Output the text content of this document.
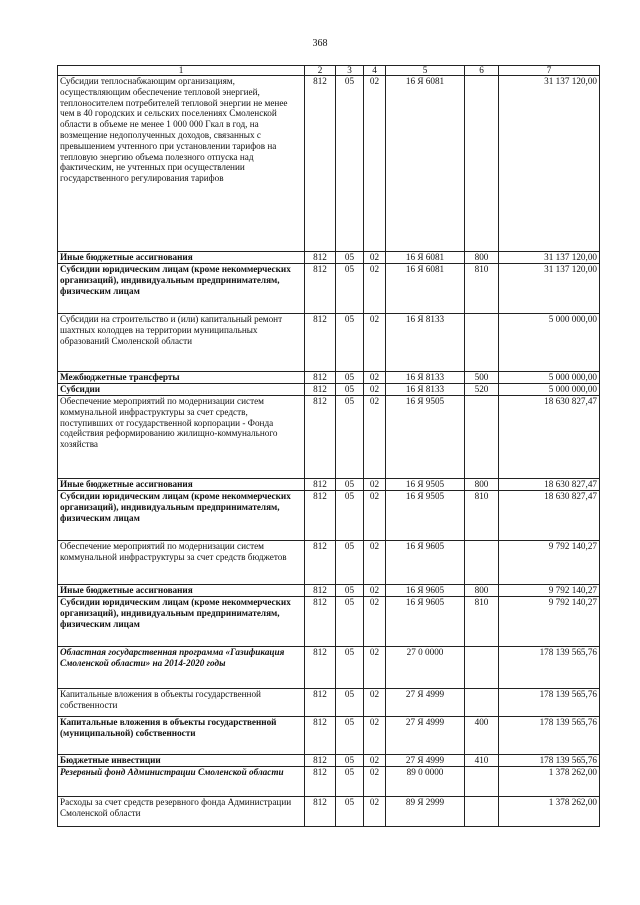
368
1	2	3	4	5	6	7
Субсидии теплоснабжающим организациям, осуществляющим обеспечение тепловой энергией, теплоносителем потребителей тепловой энергии не менее чем в 40 городских и сельских поселениях Смоленской области в объеме не менее 1 000 000 Гкал в год, на возмещение недополученных доходов, связанных с превышением учтенного при установлении тарифов на тепловую энергию объема полезного отпуска над фактическим, не учтенных при осуществлении государственного регулирования тарифов	812	05	02	16 Я 6081		31 137 120,00
Иные бюджетные ассигнования	812	05	02	16 Я 6081	800	31 137 120,00
Субсидии юридическим лицам (кроме некоммерческих организаций), индивидуальным предпринимателям, физическим лицам	812	05	02	16 Я 6081	810	31 137 120,00
Субсидии на строительство и (или) капитальный ремонт шахтных колодцев на территории муниципальных образований Смоленской области	812	05	02	16 Я 8133		5 000 000,00
Межбюджетные трансферты	812	05	02	16 Я 8133	500	5 000 000,00
Субсидии	812	05	02	16 Я 8133	520	5 000 000,00
Обеспечение мероприятий по модернизации систем коммунальной инфраструктуры за счет средств, поступивших от государственной корпорации - Фонда содействия реформированию жилищно-коммунального хозяйства	812	05	02	16 Я 9505		18 630 827,47
Иные бюджетные ассигнования	812	05	02	16 Я 9505	800	18 630 827,47
Субсидии юридическим лицам (кроме некоммерческих организаций), индивидуальным предпринимателям, физическим лицам	812	05	02	16 Я 9505	810	18 630 827,47
Обеспечение мероприятий по модернизации систем коммунальной инфраструктуры за счет средств бюджетов	812	05	02	16 Я 9605		9 792 140,27
Иные бюджетные ассигнования	812	05	02	16 Я 9605	800	9 792 140,27
Субсидии юридическим лицам (кроме некоммерческих организаций), индивидуальным предпринимателям, физическим лицам	812	05	02	16 Я 9605	810	9 792 140,27
Областная государственная программа «Газификация Смоленской области» на 2014-2020 годы	812	05	02	27 0 0000		178 139 565,76
Капитальные вложения в объекты государственной собственности	812	05	02	27 Я 4999		178 139 565,76
Капитальные вложения в объекты государственной (муниципальной) собственности	812	05	02	27 Я 4999	400	178 139 565,76
Бюджетные инвестиции	812	05	02	27 Я 4999	410	178 139 565,76
Резервный фонд Администрации Смоленской области	812	05	02	89 0 0000		1 378 262,00
Расходы за счет средств резервного фонда Администрации Смоленской области	812	05	02	89 Я 2999		1 378 262,00
